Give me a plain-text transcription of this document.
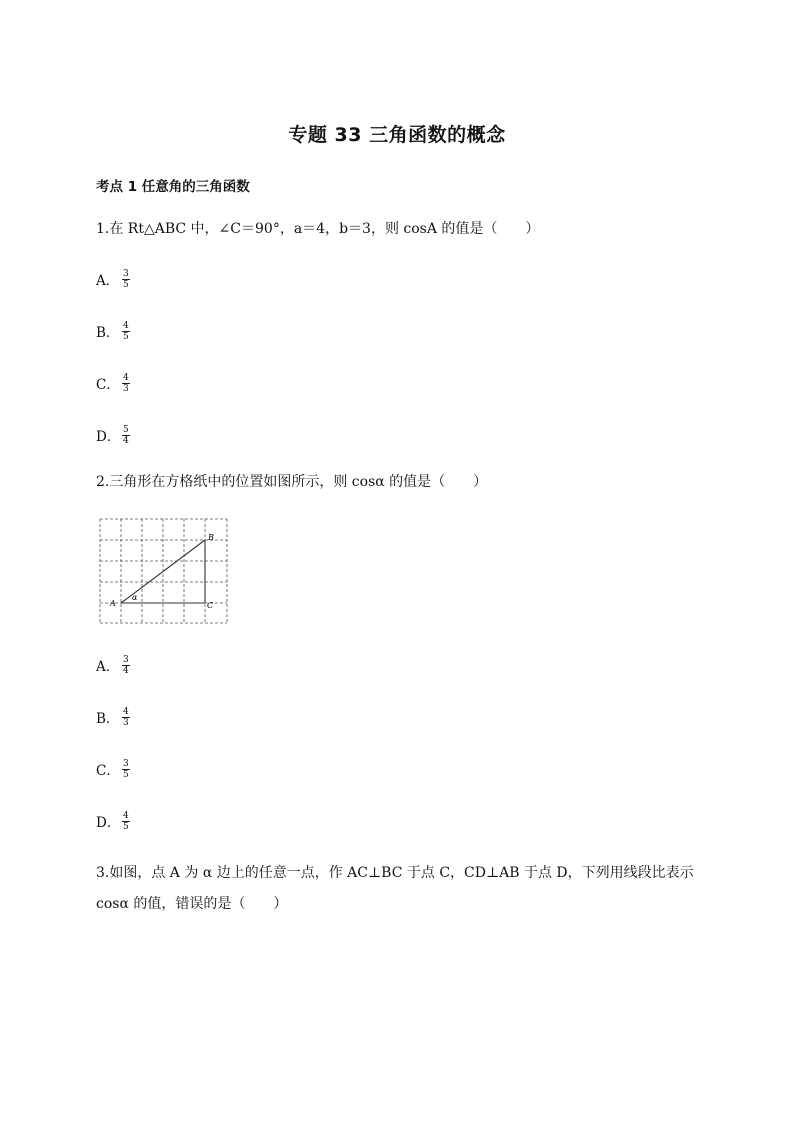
专题 33 三角函数的概念
考点 1 任意角的三角函数
1.在 Rt△ABC 中，∠C＝90°，a＝4，b＝3，则 cosA 的值是（　　）
A． $\frac{3}{5}$
B． $\frac{4}{5}$
C． $\frac{4}{3}$
D． $\frac{5}{4}$
2.三角形在方格纸中的位置如图所示，则 cosα 的值是（　　）
A
B
C
α
A． $\frac{3}{4}$
B． $\frac{4}{3}$
C． $\frac{3}{5}$
D． $\frac{4}{5}$
3.如图，点 A 为 α 边上的任意一点，作 AC⊥BC 于点 C，CD⊥AB 于点 D，下列用线段比表示 cosα 的值，错误的是（　　）
